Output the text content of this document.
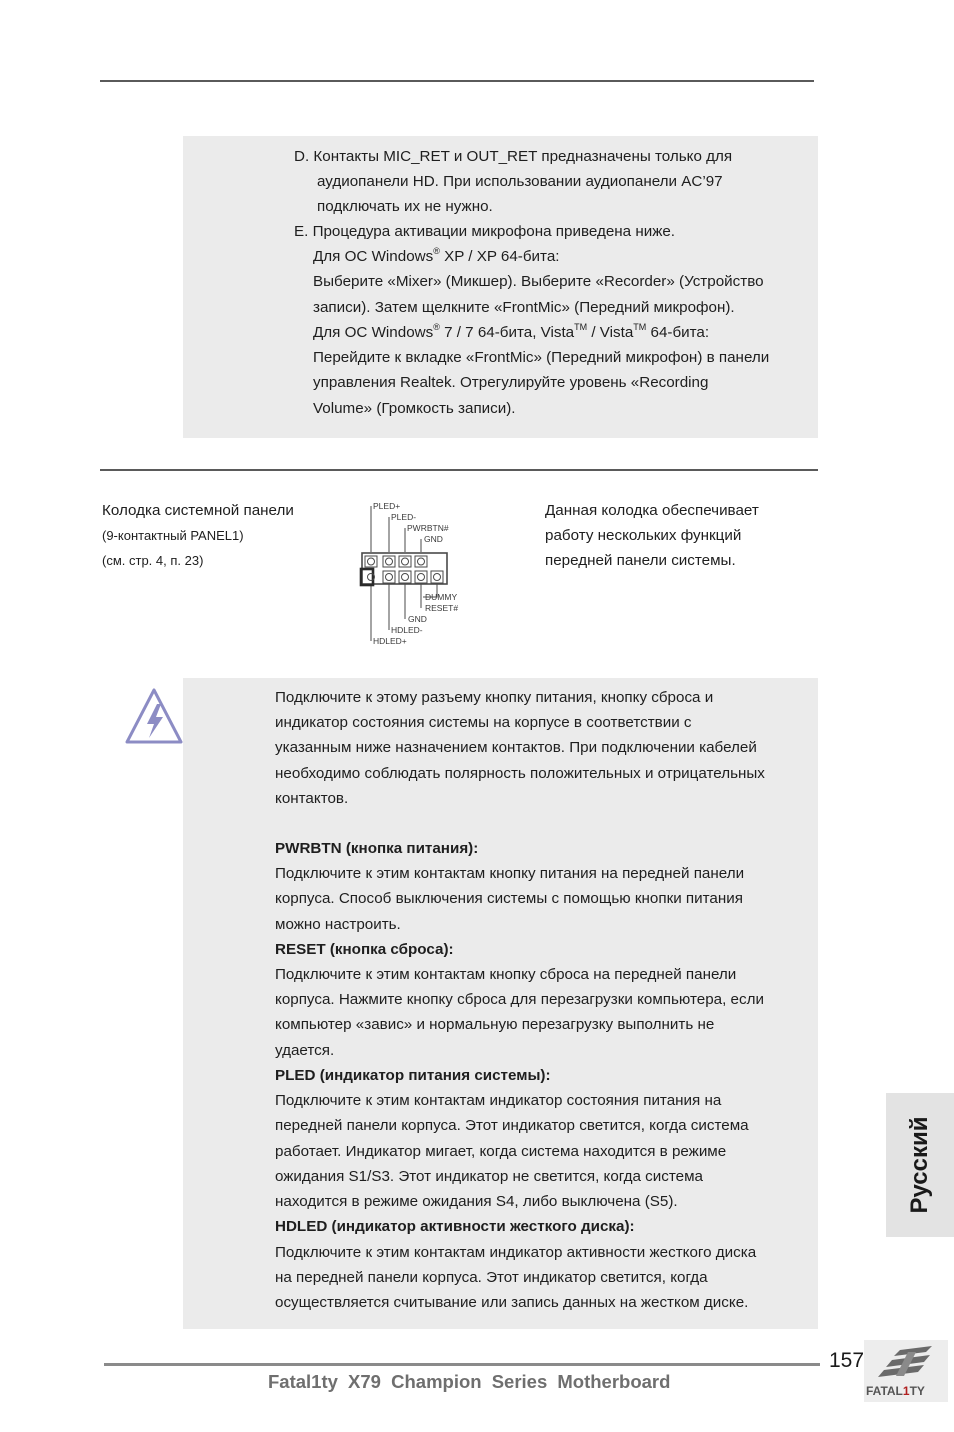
D. Контакты MIC_RET и OUT_RET предназначены только для
аудиопанели HD. При использовании аудиопанели AC’97
подключать их не нужно.
E. Процедура активации микрофона приведена ниже.
Для ОС Windows® XP / XP 64-бита:
Выберите «Mixer» (Микшер). Выберите «Recorder» (Устройство
записи). Затем щелкните «FrontMic» (Передний микрофон).
Для ОС Windows® 7 / 7 64-бита, Vista™ / Vista™ 64-бита:
Перейдите к вкладке «FrontMic» (Передний микрофон) в панели
управления Realtek. Отрегулируйте уровень «Recording
Volume» (Громкость записи).
Колодка системной панели
(9-контактный PANEL1)
(см. стр. 4, п. 23)
Данная колодка обеспечивает
работу нескольких функций
передней панели системы.
PLED+
PLED-
PWRBTN#
GND
DUMMY
RESET#
GND
HDLED-
HDLED+
Подключите к этому разъему кнопку питания, кнопку сброса и
индикатор состояния системы на корпусе в соответствии с
указанным ниже назначением контактов. При подключении кабелей
необходимо соблюдать полярность положительных и отрицательных
контактов.
PWRBTN (кнопка питания):
Подключите к этим контактам кнопку питания на передней панели
корпуса. Способ выключения системы с помощью кнопки питания
можно настроить.
RESET (кнопка сброса):
Подключите к этим контактам кнопку сброса на передней панели
корпуса. Нажмите кнопку сброса для перезагрузки компьютера, если
компьютер «завис» и нормальную перезагрузку выполнить не
удается.
PLED (индикатор питания системы):
Подключите к этим контактам индикатор состояния питания на
передней панели корпуса. Этот индикатор светится, когда система
работает. Индикатор мигает, когда система находится в режиме
ожидания S1/S3. Этот индикатор не светится, когда система
находится в режиме ожидания S4, либо выключена (S5).
HDLED (индикатор активности жесткого диска):
Подключите к этим контактам индикатор активности жесткого диска
на передней панели корпуса. Этот индикатор светится, когда
осуществляется считывание или запись данных на жестком диске.
Русский
157
Fatal1ty X79 Champion Series Motherboard	FATAL1TY
